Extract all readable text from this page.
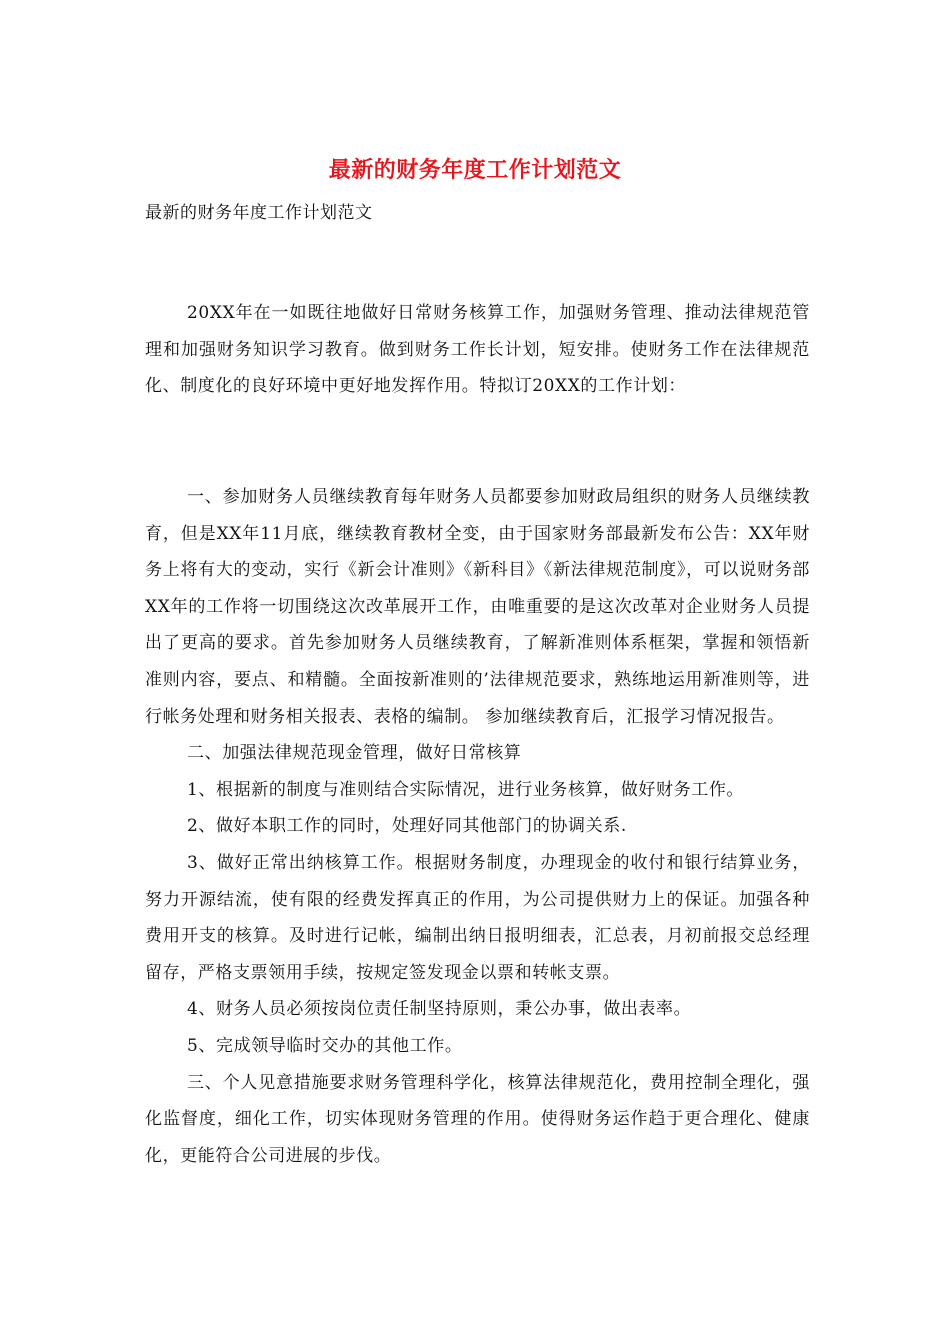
最新的财务年度工作计划范文
最新的财务年度工作计划范文

20XX年在一如既往地做好日常财务核算工作，加强财务管理、推动法律规范管理和加强财务知识学习教育。做到财务工作长计划，短安排。使财务工作在法律规范化、制度化的良好环境中更好地发挥作用。特拟订20XX的工作计划：

一、参加财务人员继续教育每年财务人员都要参加财政局组织的财务人员继续教育，但是XX年11月底，继续教育教材全变，由于国家财务部最新发布公告：XX年财务上将有大的变动，实行《新会计准则》《新科目》《新法律规范制度》，可以说财务部XX年的工作将一切围绕这次改革展开工作，由唯重要的是这次改革对企业财务人员提出了更高的要求。首先参加财务人员继续教育，了解新准则体系框架，掌握和领悟新准则内容，要点、和精髓。全面按新准则的’法律规范要求，熟练地运用新准则等，进行帐务处理和财务相关报表、表格的编制。 参加继续教育后，汇报学习情况报告。

二、加强法律规范现金管理，做好日常核算

1、根据新的制度与准则结合实际情况，进行业务核算，做好财务工作。

2、做好本职工作的同时，处理好同其他部门的协调关系.

3、做好正常出纳核算工作。根据财务制度，办理现金的收付和银行结算业务，努力开源结流，使有限的经费发挥真正的作用，为公司提供财力上的保证。加强各种费用开支的核算。及时进行记帐，编制出纳日报明细表，汇总表，月初前报交总经理留存，严格支票领用手续，按规定签发现金以票和转帐支票。

4、财务人员必须按岗位责任制坚持原则，秉公办事，做出表率。

5、完成领导临时交办的其他工作。

三、个人见意措施要求财务管理科学化，核算法律规范化，费用控制全理化，强化监督度，细化工作，切实体现财务管理的作用。使得财务运作趋于更合理化、健康化，更能符合公司进展的步伐。
